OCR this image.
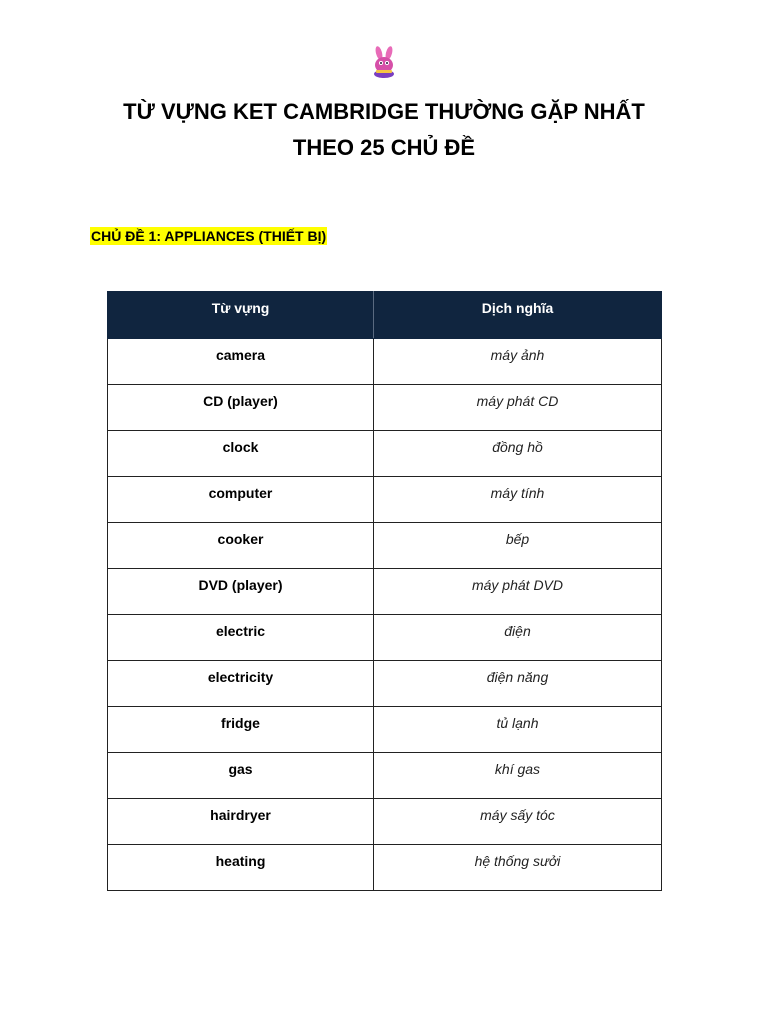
TỪ VỰNG KET CAMBRIDGE THƯỜNG GẶP NHẤT
THEO 25 CHỦ ĐỀ

CHỦ ĐỀ 1: APPLIANCES (THIẾT BỊ)

Từ vựng	Dịch nghĩa

camera	máy ảnh

CD (player)	máy phát CD

clock	đồng hồ

computer	máy tính

cooker	bếp

DVD (player)	máy phát DVD

electric	điện

electricity	điện năng

fridge	tủ lạnh

gas	khí gas

hairdryer	máy sấy tóc

heating	hệ thống sưởi
